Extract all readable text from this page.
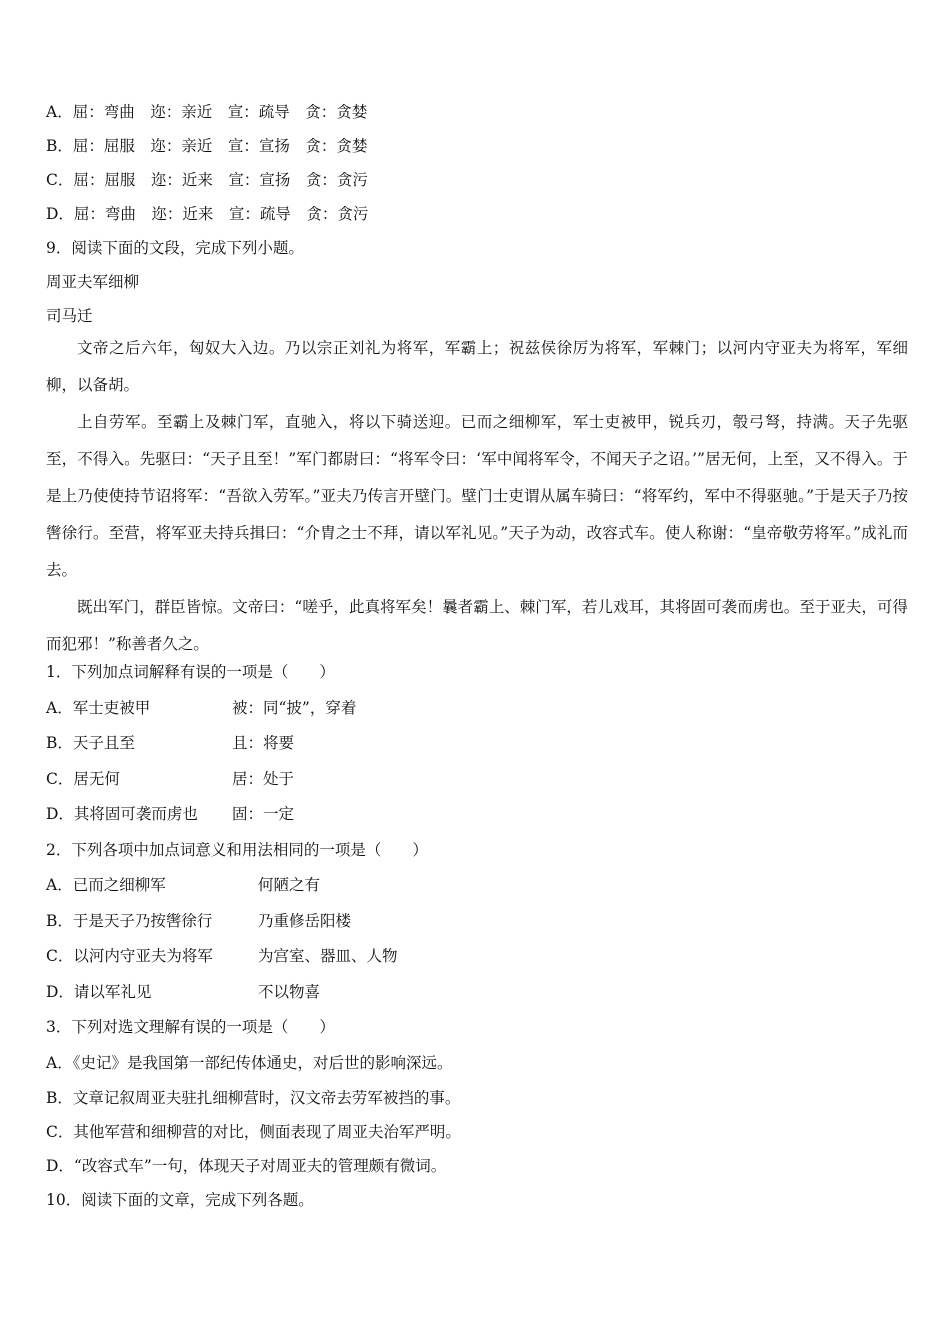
A．屈：弯曲　迩：亲近　宣：疏导　贪：贪婪
B．屈：屈服　迩：亲近　宣：宣扬　贪：贪婪
C．屈：屈服　迩：近来　宣：宣扬　贪：贪污
D．屈：弯曲　迩：近来　宣：疏导　贪：贪污
9．阅读下面的文段，完成下列小题。
周亚夫军细柳
司马迁
文帝之后六年，匈奴大入边。乃以宗正刘礼为将军，军霸上；祝兹侯徐厉为将军，军棘门；以河内守亚夫为将军，军细柳，以备胡。
上自劳军。至霸上及棘门军，直驰入，将以下骑送迎。已而之细柳军，军士吏被甲，锐兵刃，彀弓弩，持满。天子先驱至，不得入。先驱曰：“天子且至！”军门都尉曰：“将军令曰：‘军中闻将军令，不闻天子之诏。’”居无何，上至，又不得入。于是上乃使使持节诏将军：“吾欲入劳军。”亚夫乃传言开壁门。壁门士吏谓从属车骑曰：“将军约，军中不得驱驰。”于是天子乃按辔徐行。至营，将军亚夫持兵揖曰：“介胄之士不拜，请以军礼见。”天子为动，改容式车。使人称谢：“皇帝敬劳将军。”成礼而去。
既出军门，群臣皆惊。文帝曰：“嗟乎，此真将军矣！曩者霸上、棘门军，若儿戏耳，其将固可袭而虏也。至于亚夫，可得而犯邪！”称善者久之。
1．下列加点词解释有误的一项是（　　）
A．军士吏被甲	被：同“披”，穿着
B．天子且至	且：将要
C．居无何	居：处于
D．其将固可袭而虏也 固：一定
2．下列各项中加点词意义和用法相同的一项是（　　）
A．已而之细柳军	何陋之有
B．于是天子乃按辔徐行	乃重修岳阳楼
C．以河内守亚夫为将军	为宫室、器皿、人物
D．请以军礼见	不以物喜
3．下列对选文理解有误的一项是（　　）
A．《史记》是我国第一部纪传体通史，对后世的影响深远。
B．文章记叙周亚夫驻扎细柳营时，汉文帝去劳军被挡的事。
C．其他军营和细柳营的对比，侧面表现了周亚夫治军严明。
D．“改容式车”一句，体现天子对周亚夫的管理颇有微词。
10．阅读下面的文章，完成下列各题。
